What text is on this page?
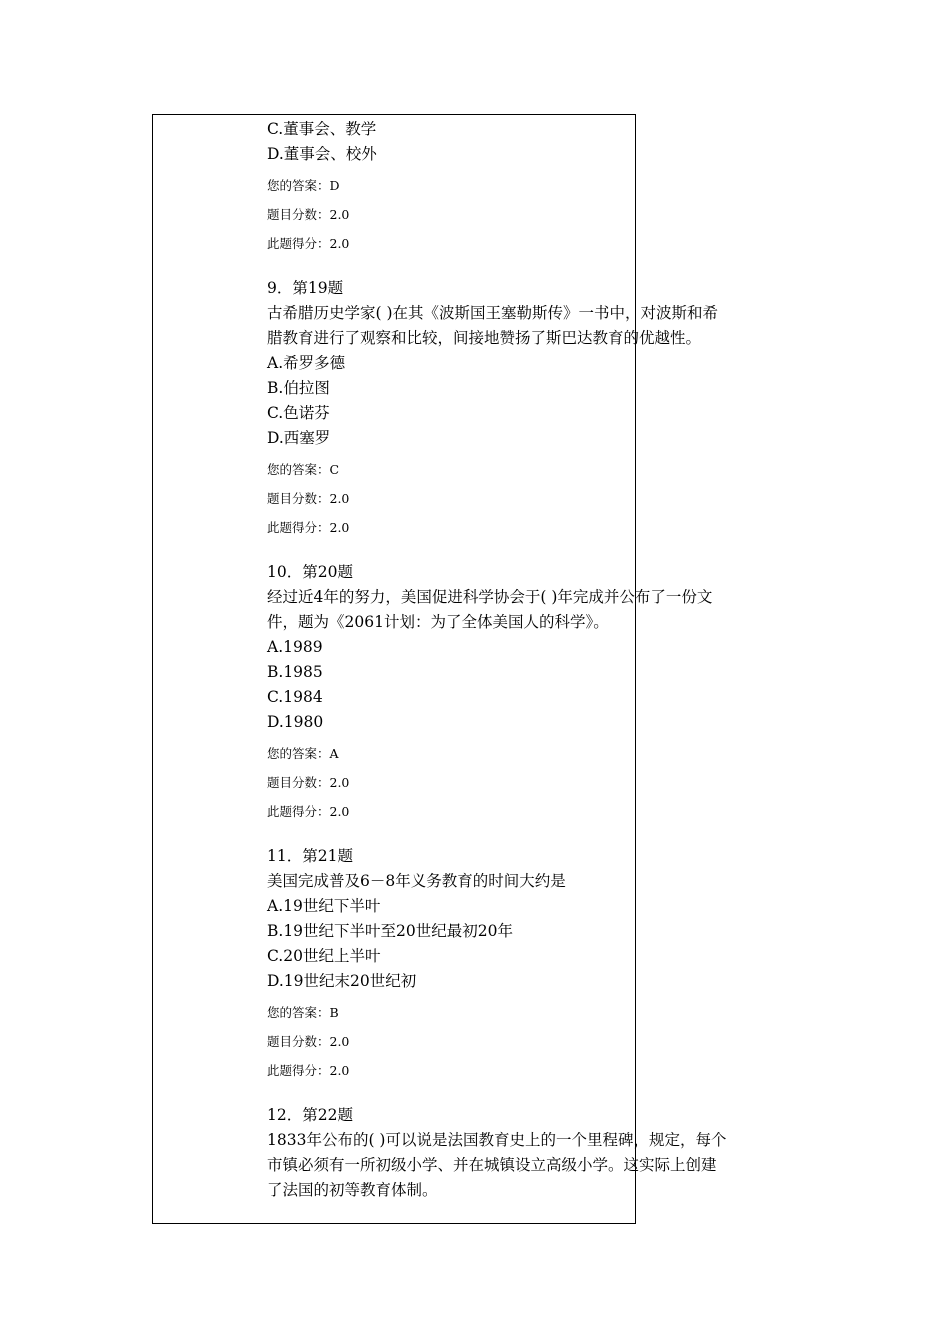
C.董事会、教学
D.董事会、校外
您的答案：D
题目分数：2.0
此题得分：2.0
9．第19题
古希腊历史学家( )在其《波斯国王塞勒斯传》一书中，对波斯和希
腊教育进行了观察和比较，间接地赞扬了斯巴达教育的优越性。
A.希罗多德
B.伯拉图
C.色诺芬
D.西塞罗
您的答案：C
题目分数：2.0
此题得分：2.0
10．第20题
经过近4年的努力，美国促进科学协会于( )年完成并公布了一份文
件，题为《2061计划：为了全体美国人的科学》。
A.1989
B.1985
C.1984
D.1980
您的答案：A
题目分数：2.0
此题得分：2.0
11．第21题
美国完成普及6－8年义务教育的时间大约是
A.19世纪下半叶
B.19世纪下半叶至20世纪最初20年
C.20世纪上半叶
D.19世纪末20世纪初
您的答案：B
题目分数：2.0
此题得分：2.0
12．第22题
1833年公布的( )可以说是法国教育史上的一个里程碑，规定，每个
市镇必须有一所初级小学、并在城镇设立高级小学。这实际上创建
了法国的初等教育体制。
